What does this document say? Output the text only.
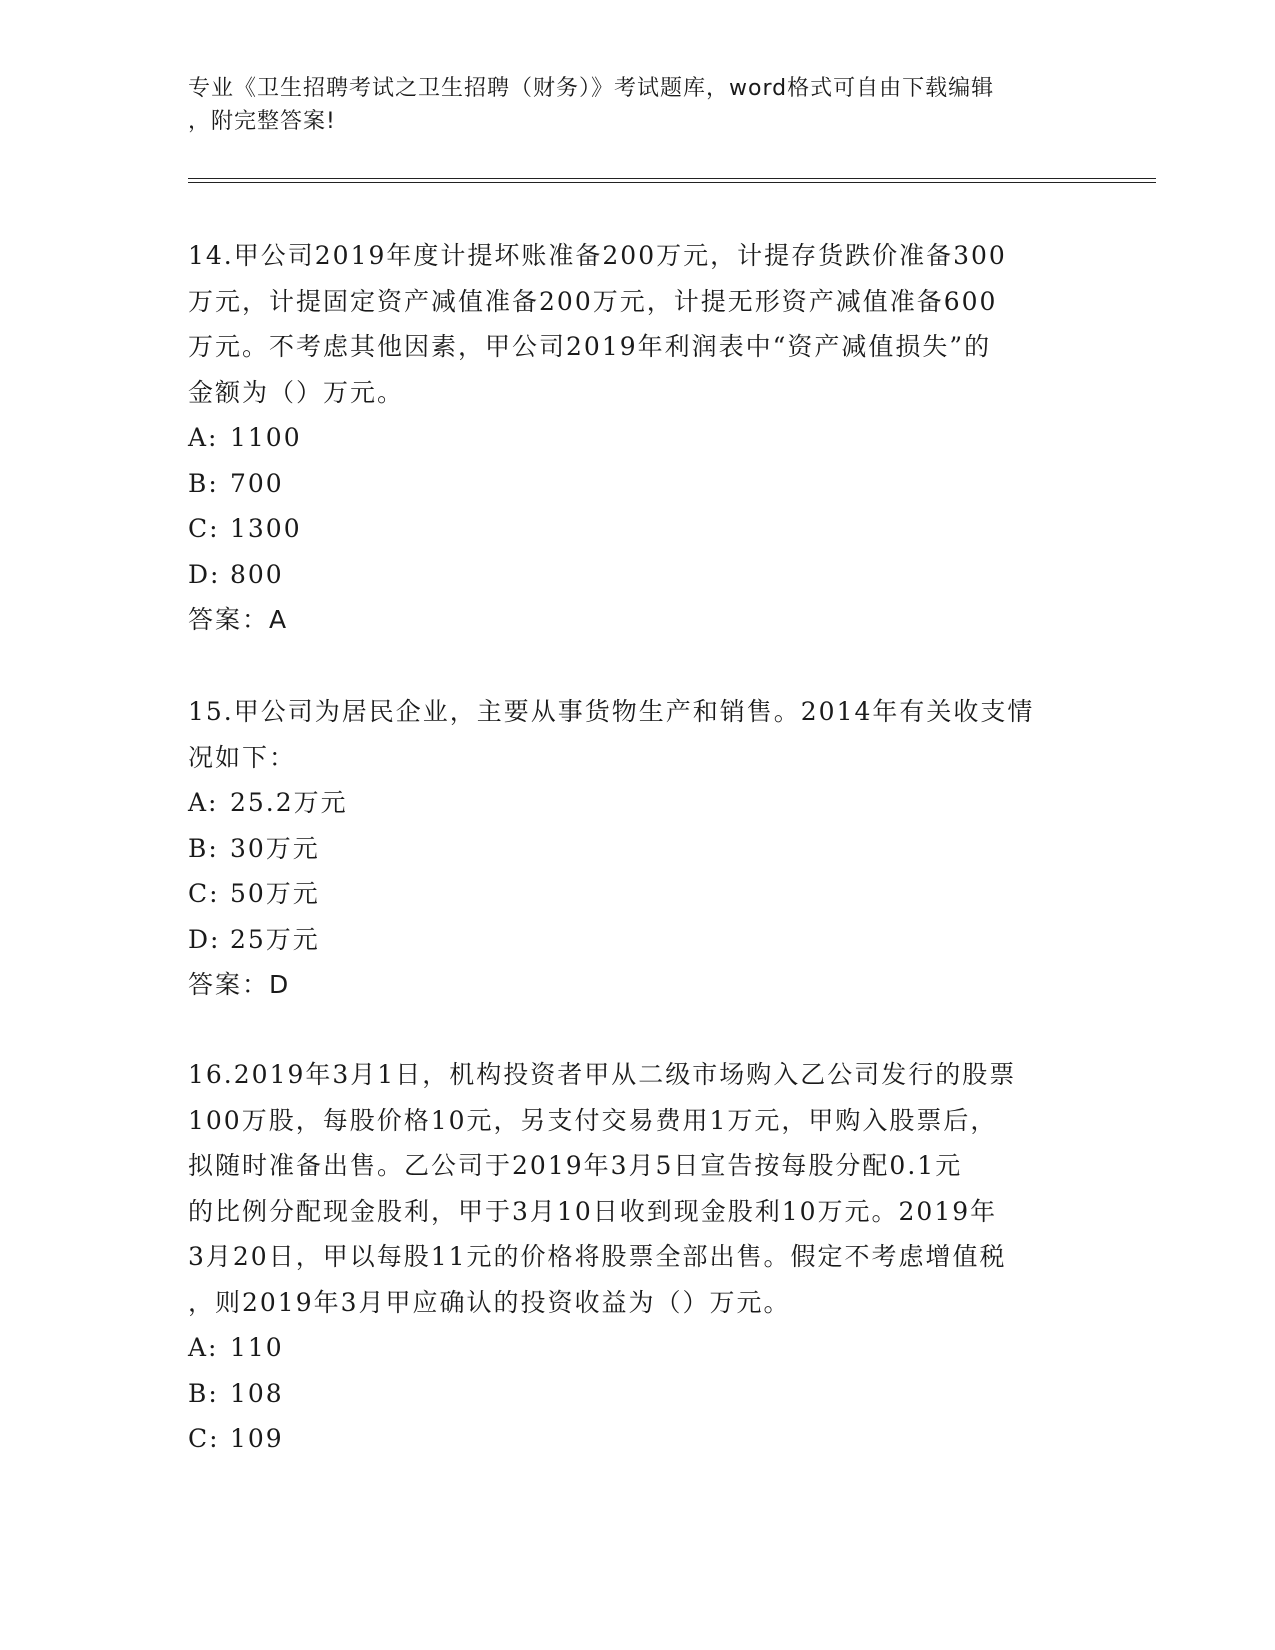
专业《卫生招聘考试之卫生招聘（财务）》考试题库，word格式可自由下载编辑
，附完整答案!
14.甲公司2019年度计提坏账准备200万元，计提存货跌价准备300
万元，计提固定资产减值准备200万元，计提无形资产减值准备600
万元。不考虑其他因素，甲公司2019年利润表中“资产减值损失”的
金额为（）万元。
A: 1100
B: 700
C: 1300
D: 800
答案：A
15.甲公司为居民企业，主要从事货物生产和销售。2014年有关收支情
况如下：
A: 25.2万元
B: 30万元
C: 50万元
D: 25万元
答案：D
16.2019年3月1日，机构投资者甲从二级市场购入乙公司发行的股票
100万股，每股价格10元，另支付交易费用1万元，甲购入股票后，
拟随时准备出售。乙公司于2019年3月5日宣告按每股分配0.1元
的比例分配现金股利，甲于3月10日收到现金股利10万元。2019年
3月20日，甲以每股11元的价格将股票全部出售。假定不考虑增值税
，则2019年3月甲应确认的投资收益为（）万元。
A: 110
B: 108
C: 109
